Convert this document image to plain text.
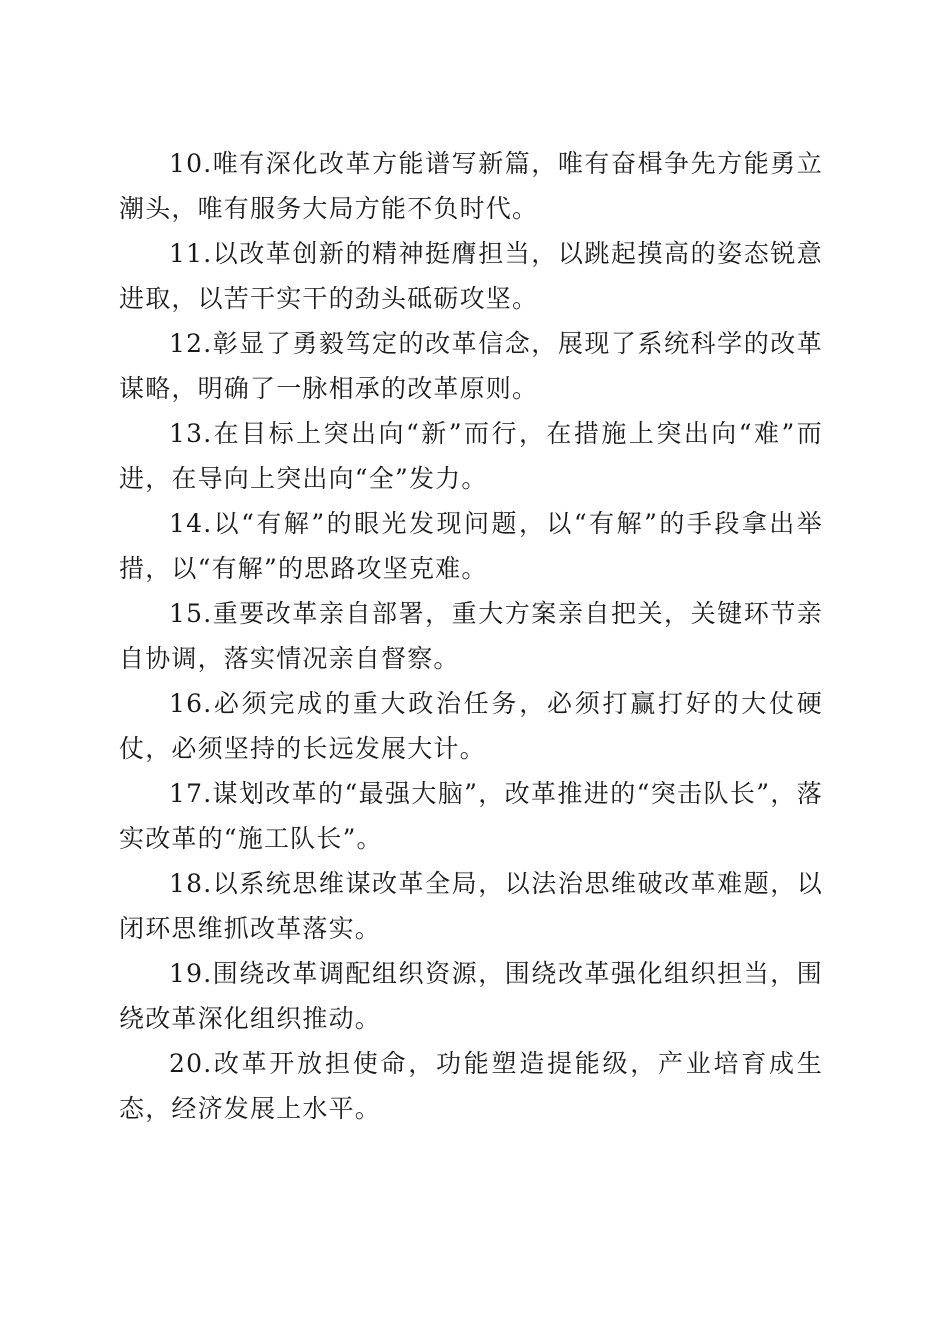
10.唯有深化改革方能谱写新篇，唯有奋楫争先方能勇立潮头，唯有服务大局方能不负时代。

11.以改革创新的精神挺膺担当，以跳起摸高的姿态锐意进取，以苦干实干的劲头砥砺攻坚。

12.彰显了勇毅笃定的改革信念，展现了系统科学的改革谋略，明确了一脉相承的改革原则。

13.在目标上突出向“新”而行，在措施上突出向“难”而进，在导向上突出向“全”发力。

14.以“有解”的眼光发现问题，以“有解”的手段拿出举措，以“有解”的思路攻坚克难。

15.重要改革亲自部署，重大方案亲自把关，关键环节亲自协调，落实情况亲自督察。

16.必须完成的重大政治任务，必须打赢打好的大仗硬仗，必须坚持的长远发展大计。

17.谋划改革的“最强大脑”，改革推进的“突击队长”，落实改革的“施工队长”。

18.以系统思维谋改革全局，以法治思维破改革难题，以闭环思维抓改革落实。

19.围绕改革调配组织资源，围绕改革强化组织担当，围绕改革深化组织推动。

20.改革开放担使命，功能塑造提能级，产业培育成生态，经济发展上水平。
